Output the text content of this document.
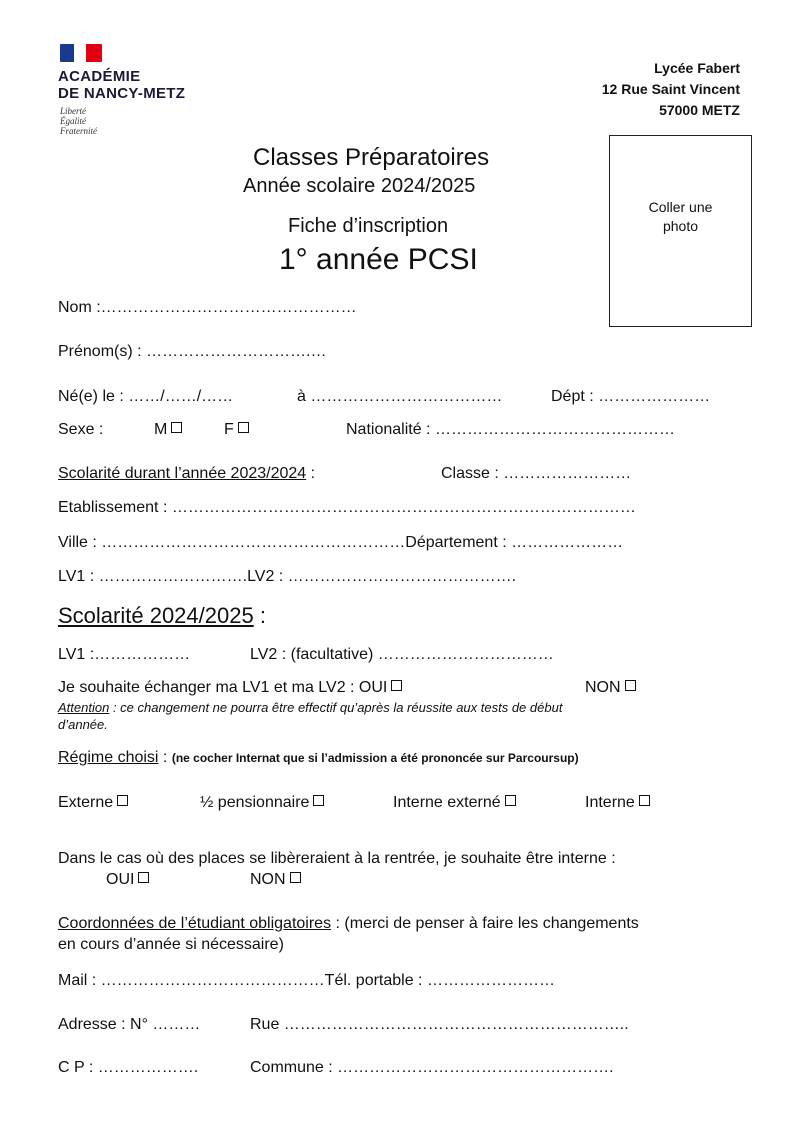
ACADÉMIE
DE NANCY-METZ
Liberté
Égalité
Fraternité
Lycée Fabert
12 Rue Saint Vincent
57000 METZ
Coller une
photo
Classes Préparatoires
Année scolaire 2024/2025
Fiche d’inscription
1° année PCSI
Nom :…………………………………………
Prénom(s) : ………………………….…
Né(e) le : ……/……/……	à ………………………………	Dépt : …………………
Sexe :	M	F	Nationalité : ………………………………………
Scolarité durant l’année 2023/2024 :	Classe : ……………………
Etablissement : ……………………………………………………………………………
Ville : …………………………………………………Département : …………………
LV1 : ……………………….LV2 : …………………………………….
Scolarité 2024/2025 :
LV1 :………………	LV2 : (facultative) ……………………………
Je souhaite échanger ma LV1 et ma LV2 : OUI	NON
Attention : ce changement ne pourra être effectif qu’après la réussite aux tests de début
d’année.
Régime choisi : (ne cocher Internat que si l’admission a été prononcée sur Parcoursup)
Externe	½ pensionnaire	Interne externé	Interne
Dans le cas où des places se libèreraient à la rentrée, je souhaite être interne :
OUI	NON
Coordonnées de l’étudiant obligatoires : (merci de penser à faire les changements
en cours d’année si nécessaire)
Mail : ……………………………………Tél. portable : ……………………
Adresse : N° ………	Rue ………………………………………………………..
C P : ……………….	Commune : …………………………………………….
